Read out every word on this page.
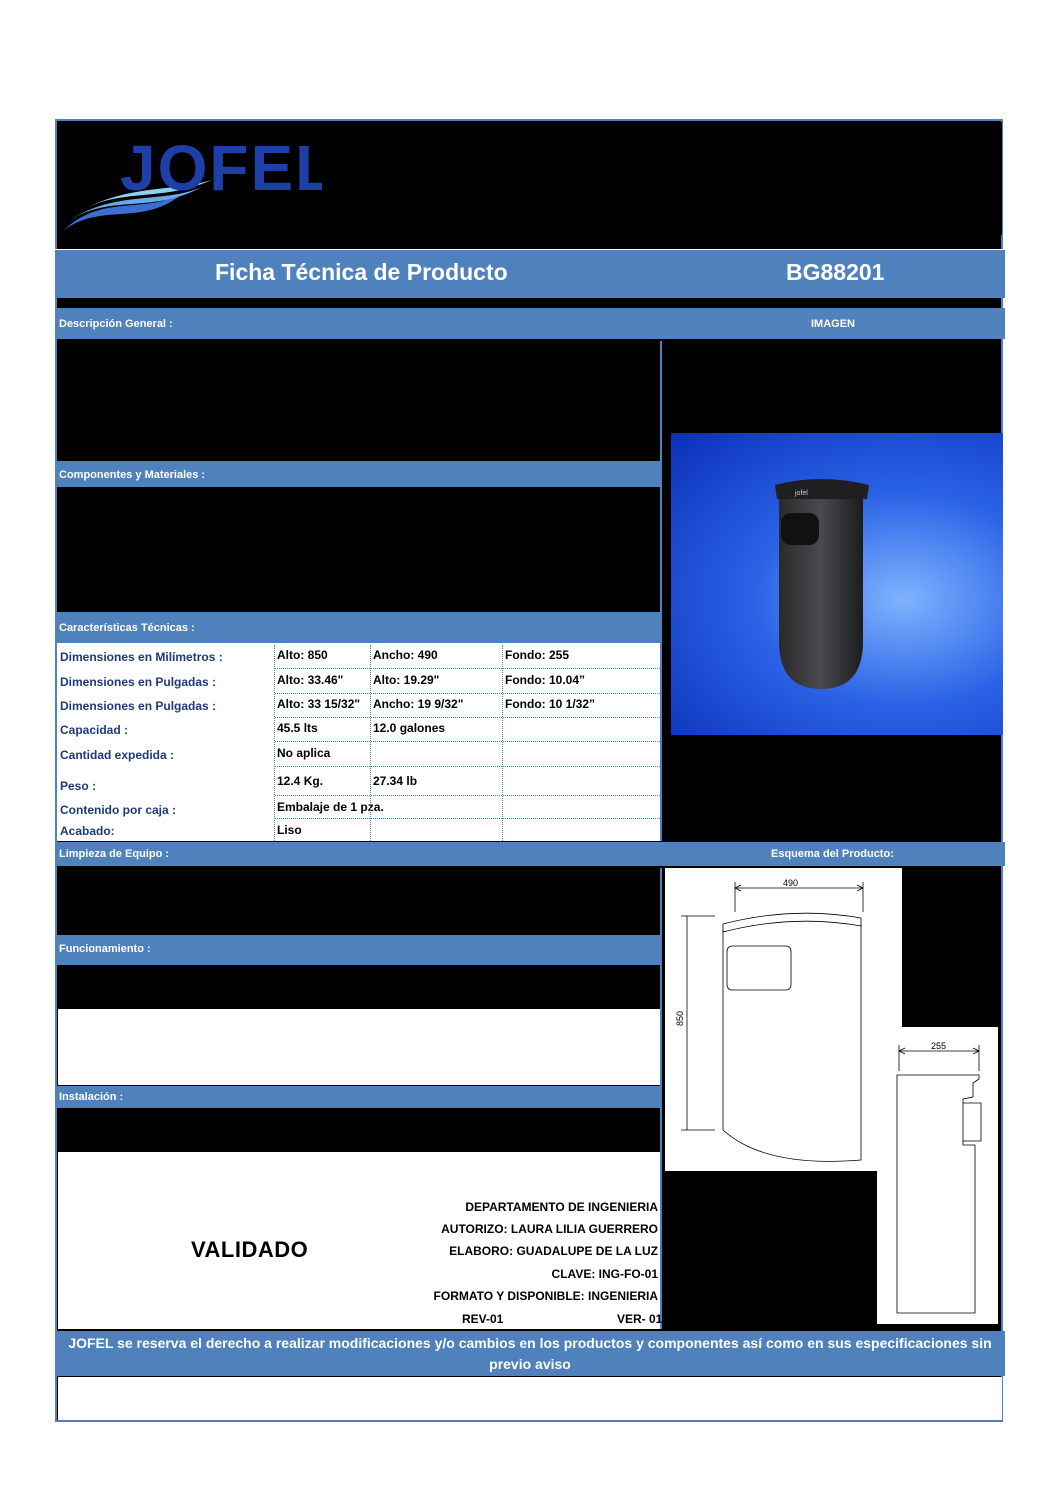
JOFEL
Ficha Técnica de Producto	BG88201
Descripción General :	IMAGEN
Componentes y Materiales :
Características Técnicas :
Dimensiones en Milímetros :	Alto: 850	Ancho: 490	Fondo: 255
Dimensiones en Pulgadas :	Alto: 33.46"	Alto: 19.29"	Fondo: 10.04”
Dimensiones en Pulgadas :	Alto: 33 15/32"	Ancho: 19 9/32"	Fondo: 10 1/32”
Capacidad :	45.5 lts	12.0 galones
Cantidad expedida :	No aplica
Peso :	12.4 Kg.	27.34 lb
Contenido por caja :	Embalaje de 1 pza.
Acabado:	Liso
jofel
Limpieza de Equipo :	Esquema del Producto:
Funcionamiento :
Instalación :
490
850
255
VALIDADO
DEPARTAMENTO DE INGENIERIA
AUTORIZO: LAURA LILIA GUERRERO
ELABORO: GUADALUPE DE LA LUZ
CLAVE: ING-FO-01
FORMATO Y DISPONIBLE: INGENIERIA
REV-01	VER- 01
JOFEL se reserva el derecho a realizar modificaciones y/o cambios en los productos y componentes así como en sus especificaciones sin previo aviso
